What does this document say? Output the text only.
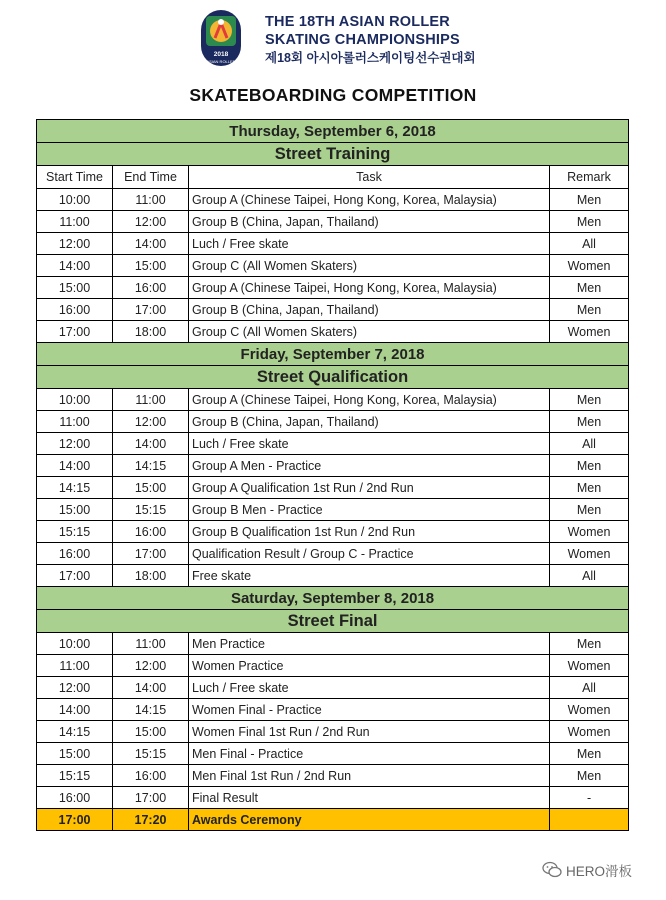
2018
ASIAN ROLLER
THE 18TH ASIAN ROLLER
SKATING CHAMPIONSHIPS
제18회 아시아롤러스케이팅선수권대회
SKATEBOARDING COMPETITION
Thursday, September 6, 2018			
Street Training			
Start Time	End Time	Task	Remark
10:00	11:00	Group A (Chinese Taipei, Hong Kong, Korea, Malaysia)	Men
11:00	12:00	Group B (China, Japan, Thailand)	Men
12:00	14:00	Luch / Free skate	All
14:00	15:00	Group C (All Women Skaters)	Women
15:00	16:00	Group A (Chinese Taipei, Hong Kong, Korea, Malaysia)	Men
16:00	17:00	Group B (China, Japan, Thailand)	Men
17:00	18:00	Group C (All Women Skaters)	Women
Friday, September 7, 2018			
Street Qualification			
10:00	11:00	Group A (Chinese Taipei, Hong Kong, Korea, Malaysia)	Men
11:00	12:00	Group B (China, Japan, Thailand)	Men
12:00	14:00	Luch / Free skate	All
14:00	14:15	Group A Men - Practice	Men
14:15	15:00	Group A Qualification 1st Run / 2nd Run	Men
15:00	15:15	Group B Men - Practice	Men
15:15	16:00	Group B Qualification 1st Run / 2nd Run	Women
16:00	17:00	Qualification Result / Group C - Practice	Women
17:00	18:00	Free skate	All
Saturday, September 8, 2018			
Street Final			
10:00	11:00	Men Practice	Men
11:00	12:00	Women Practice	Women
12:00	14:00	Luch / Free skate	All
14:00	14:15	Women Final - Practice	Women
14:15	15:00	Women Final 1st Run / 2nd Run	Women
15:00	15:15	Men Final - Practice	Men
15:15	16:00	Men Final 1st Run / 2nd Run	Men
16:00	17:00	Final Result	-
17:00	17:20	Awards Ceremony	
HERO滑板
